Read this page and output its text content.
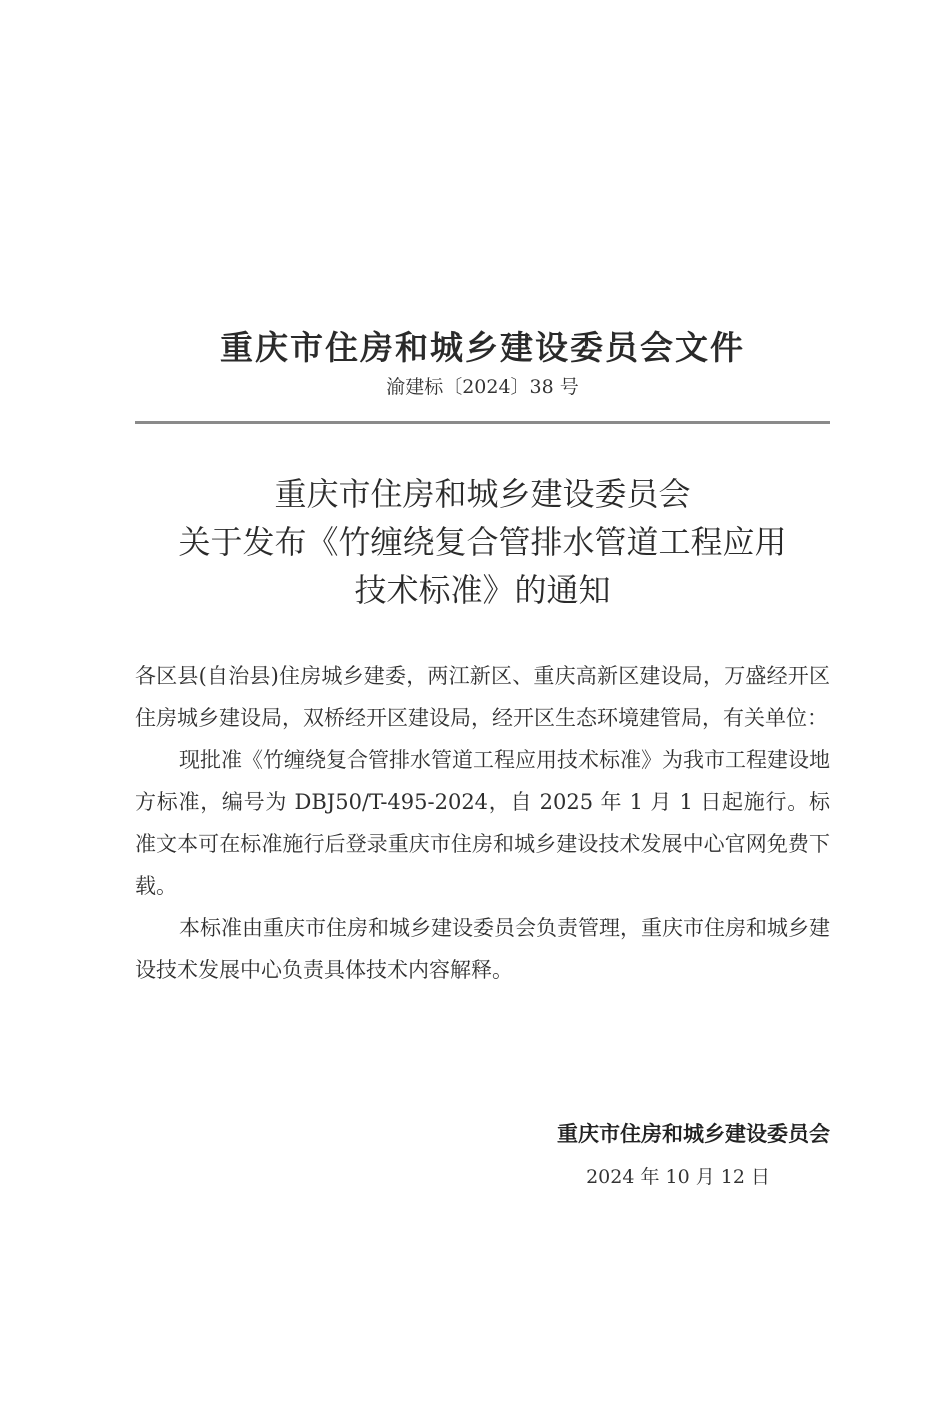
重庆市住房和城乡建设委员会文件
渝建标〔2024〕38 号
重庆市住房和城乡建设委员会
关于发布《竹缠绕复合管排水管道工程应用
技术标准》的通知

各区县(自治县)住房城乡建委，两江新区、重庆高新区建设局，万盛经开区住房城乡建设局，双桥经开区建设局，经开区生态环境建管局，有关单位：

现批准《竹缠绕复合管排水管道工程应用技术标准》为我市工程建设地方标准，编号为 DBJ50/T-495-2024，自 2025 年 1 月 1 日起施行。标准文本可在标准施行后登录重庆市住房和城乡建设技术发展中心官网免费下载。

本标准由重庆市住房和城乡建设委员会负责管理，重庆市住房和城乡建设技术发展中心负责具体技术内容解释。

重庆市住房和城乡建设委员会
2024 年 10 月 12 日
